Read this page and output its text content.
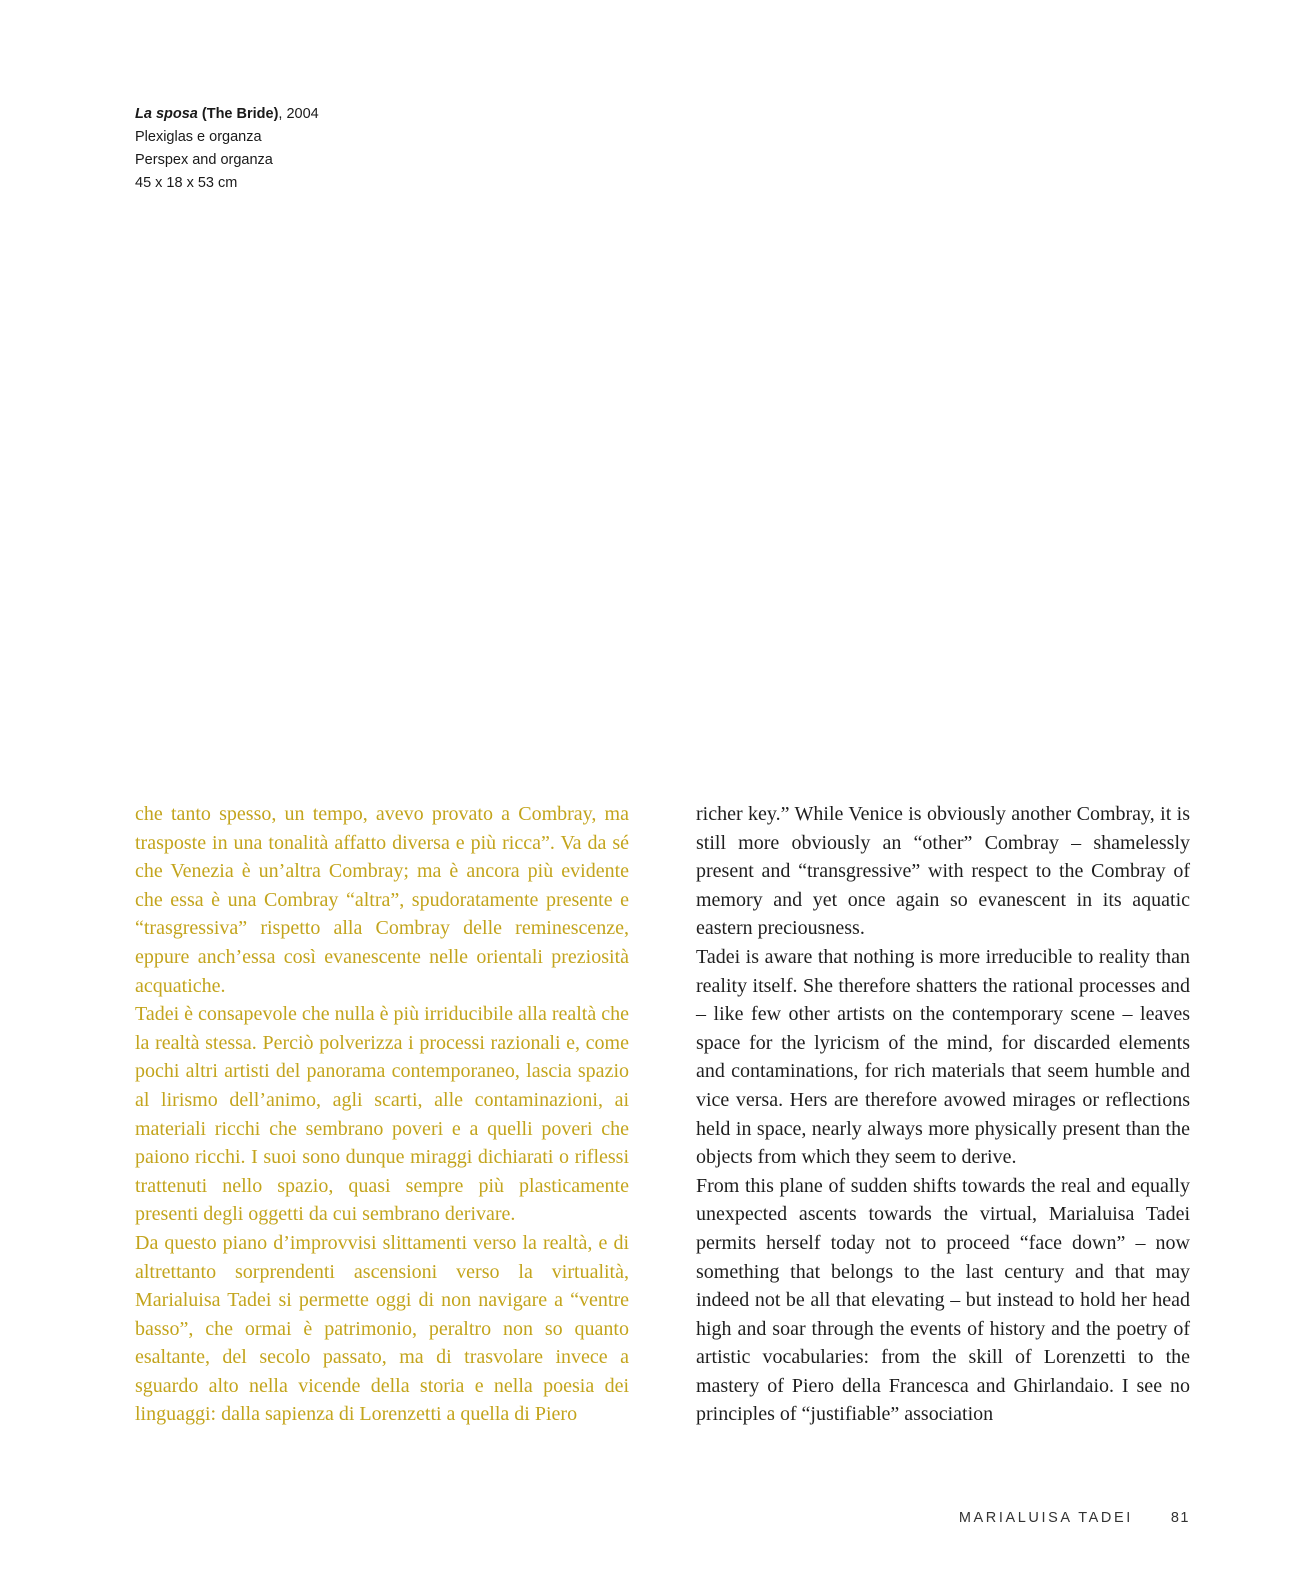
La sposa (The Bride), 2004
Plexiglas e organza
Perspex and organza
45 x 18 x 53 cm

che tanto spesso, un tempo, avevo provato a Combray, ma trasposte in una tonalità affatto diversa e più ricca”. Va da sé che Venezia è un’altra Combray; ma è ancora più evidente che essa è una Combray “altra”, spudoratamente presente e “trasgressiva” rispetto alla Combray delle reminescenze, eppure anch’essa così evanescente nelle orientali preziosità acquatiche.

Tadei è consapevole che nulla è più irriducibile alla realtà che la realtà stessa. Perciò polverizza i processi razionali e, come pochi altri artisti del panorama contemporaneo, lascia spazio al lirismo dell’animo, agli scarti, alle contaminazioni, ai materiali ricchi che sembrano poveri e a quelli poveri che paiono ricchi. I suoi sono dunque miraggi dichiarati o riflessi trattenuti nello spazio, quasi sempre più plasticamente presenti degli oggetti da cui sembrano derivare.

Da questo piano d’improvvisi slittamenti verso la realtà, e di altrettanto sorprendenti ascensioni verso la virtualità, Marialuisa Tadei si permette oggi di non navigare a “ventre basso”, che ormai è patrimonio, peraltro non so quanto esaltante, del secolo passato, ma di trasvolare invece a sguardo alto nella vicende della storia e nella poesia dei linguaggi: dalla sapienza di Lorenzetti a quella di Piero

richer key.” While Venice is obviously another Combray, it is still more obviously an “other” Combray – shamelessly present and “transgressive” with respect to the Combray of memory and yet once again so evanescent in its aquatic eastern preciousness.

Tadei is aware that nothing is more irreducible to reality than reality itself. She therefore shatters the rational processes and – like few other artists on the contemporary scene – leaves space for the lyricism of the mind, for discarded elements and contaminations, for rich materials that seem humble and vice versa. Hers are therefore avowed mirages or reflections held in space, nearly always more physically present than the objects from which they seem to derive.

From this plane of sudden shifts towards the real and equally unexpected ascents towards the virtual, Marialuisa Tadei permits herself today not to proceed “face down” – now something that belongs to the last century and that may indeed not be all that elevating – but instead to hold her head high and soar through the events of history and the poetry of artistic vocabularies: from the skill of Lorenzetti to the mastery of Piero della Francesca and Ghirlandaio. I see no principles of “justifiable” association

MARIALUISA TADEI	81
